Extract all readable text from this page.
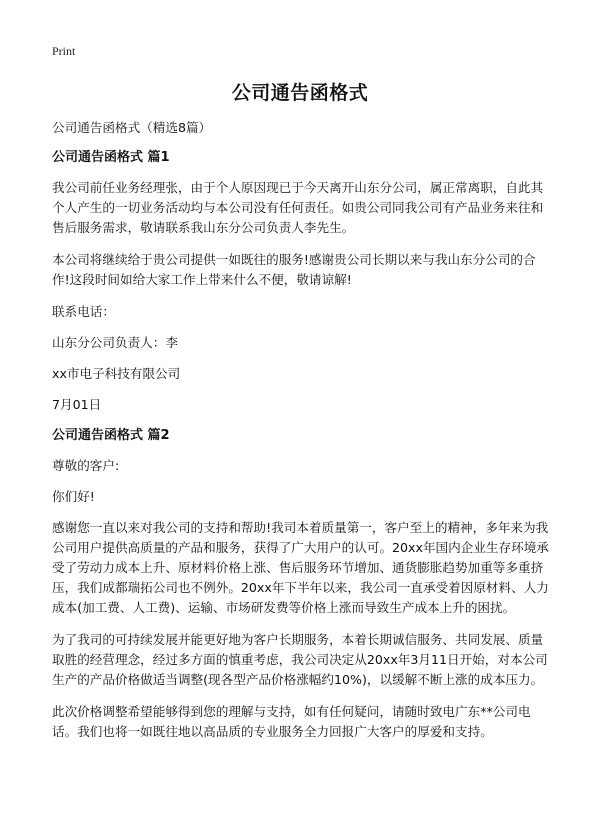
Print
公司通告函格式

公司通告函格式（精选8篇）

公司通告函格式 篇1

我公司前任业务经理张，由于个人原因现已于今天离开山东分公司，属正常离职，自此其个人产生的一切业务活动均与本公司没有任何责任。如贵公司同我公司有产品业务来往和售后服务需求，敬请联系我山东分公司负责人李先生。

本公司将继续给于贵公司提供一如既往的服务!感谢贵公司长期以来与我山东分公司的合作!这段时间如给大家工作上带来什么不便，敬请谅解!

联系电话：

山东分公司负责人：李

xx市电子科技有限公司

7月01日

公司通告函格式 篇2

尊敬的客户:

你们好!

感谢您一直以来对我公司的支持和帮助!我司本着质量第一，客户至上的精神，多年来为我公司用户提供高质量的产品和服务，获得了广大用户的认可。20xx年国内企业生存环境承受了劳动力成本上升、原材料价格上涨、售后服务环节增加、通货膨胀趋势加重等多重挤压，我们成都瑞拓公司也不例外。20xx年下半年以来，我公司一直承受着因原材料、人力成本(加工费、人工费)、运输、市场研发费等价格上涨而导致生产成本上升的困扰。

为了我司的可持续发展并能更好地为客户长期服务，本着长期诚信服务、共同发展、质量取胜的经营理念，经过多方面的慎重考虑，我公司决定从20xx年3月11日开始，对本公司生产的产品价格做适当调整(现各型产品价格涨幅约10%)，以缓解不断上涨的成本压力。

此次价格调整希望能够得到您的理解与支持，如有任何疑问，请随时致电广东**公司电话。我们也将一如既往地以高品质的专业服务全力回报广大客户的厚爱和支持。
